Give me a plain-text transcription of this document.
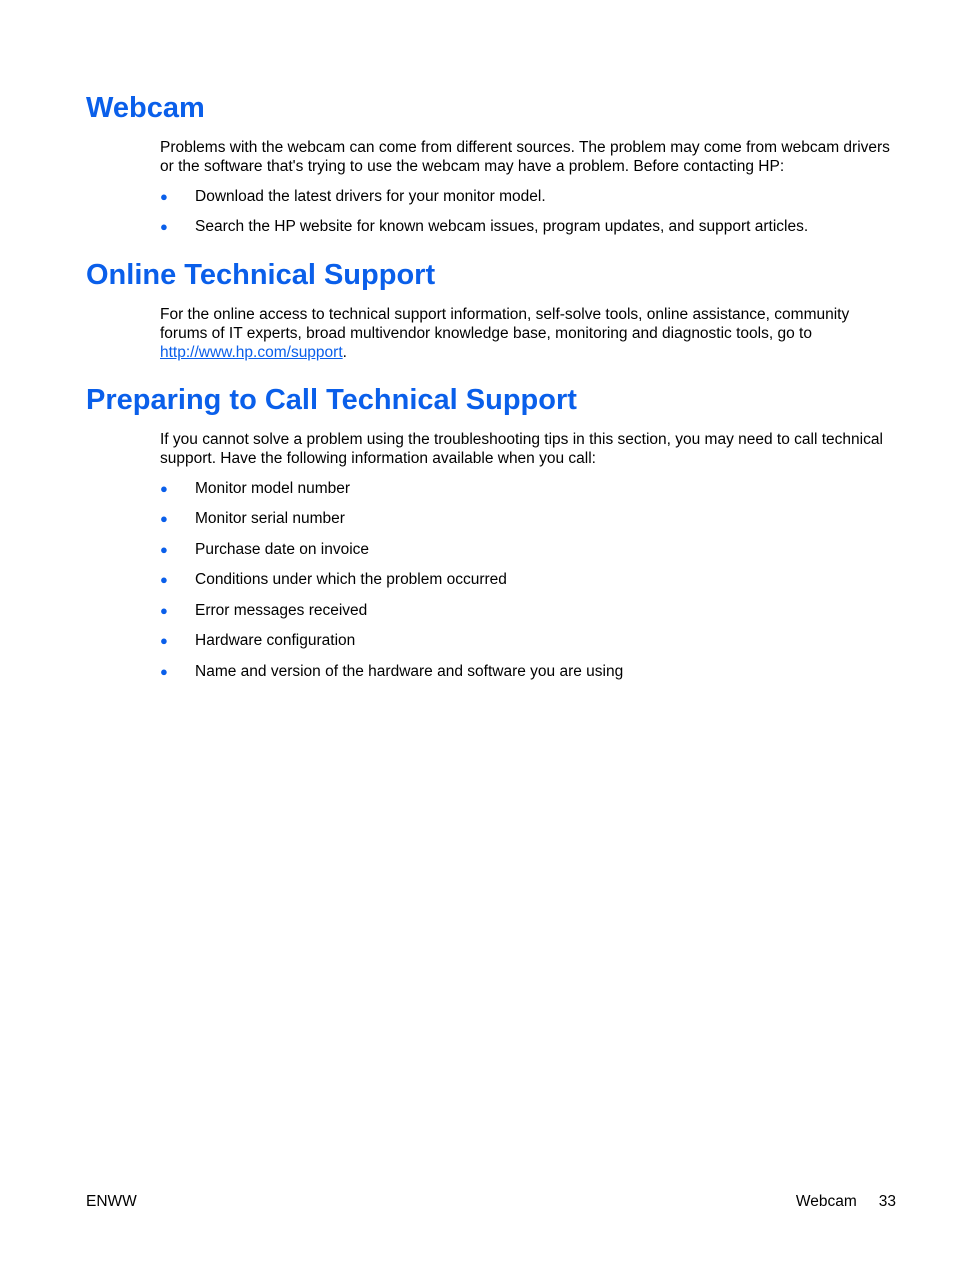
Webcam

Problems with the webcam can come from different sources. The problem may come from webcam drivers or the software that's trying to use the webcam may have a problem. Before contacting HP:

●	Download the latest drivers for your monitor model.
●	Search the HP website for known webcam issues, program updates, and support articles.
Online Technical Support

For the online access to technical support information, self-solve tools, online assistance, community forums of IT experts, broad multivendor knowledge base, monitoring and diagnostic tools, go to http://www.hp.com/support.

Preparing to Call Technical Support

If you cannot solve a problem using the troubleshooting tips in this section, you may need to call technical support. Have the following information available when you call:

●	Monitor model number
●	Monitor serial number
●	Purchase date on invoice
●	Conditions under which the problem occurred
●	Error messages received
●	Hardware configuration
●	Name and version of the hardware and software you are using
ENWW	Webcam 33
